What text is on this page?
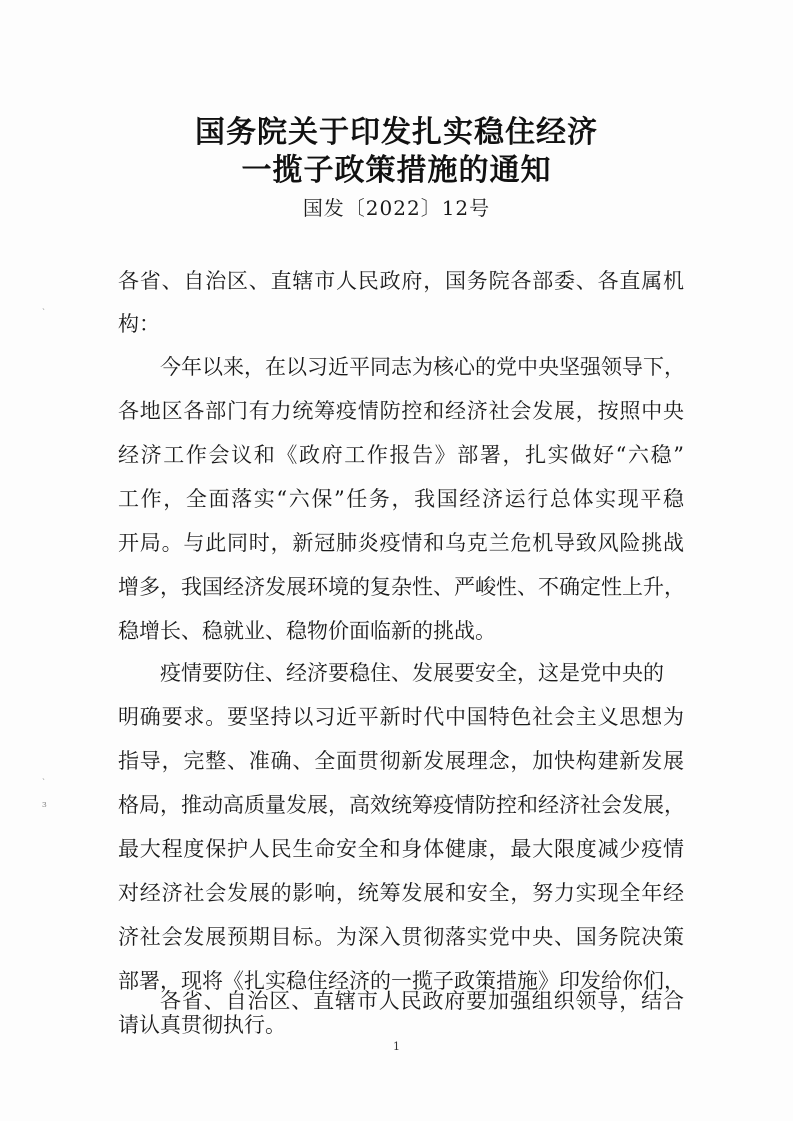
ˏ
ˏ
ɜ
国务院关于印发扎实稳住经济
一揽子政策措施的通知
国发〔2022〕12号
各省、自治区、直辖市人民政府，国务院各部委、各直属机
构：
今年以来，在以习近平同志为核心的党中央坚强领导下，
各地区各部门有力统筹疫情防控和经济社会发展，按照中央
经济工作会议和《政府工作报告》部署，扎实做好“六稳”
工作，全面落实“六保”任务，我国经济运行总体实现平稳
开局。与此同时，新冠肺炎疫情和乌克兰危机导致风险挑战
增多，我国经济发展环境的复杂性、严峻性、不确定性上升，
稳增长、稳就业、稳物价面临新的挑战。
疫情要防住、经济要稳住、发展要安全，这是党中央的
明确要求。要坚持以习近平新时代中国特色社会主义思想为
指导，完整、准确、全面贯彻新发展理念，加快构建新发展
格局，推动高质量发展，高效统筹疫情防控和经济社会发展，
最大程度保护人民生命安全和身体健康，最大限度减少疫情
对经济社会发展的影响，统筹发展和安全，努力实现全年经
济社会发展预期目标。为深入贯彻落实党中央、国务院决策
部署，现将《扎实稳住经济的一揽子政策措施》印发给你们，
请认真贯彻执行。
各省、自治区、直辖市人民政府要加强组织领导，结合
1
